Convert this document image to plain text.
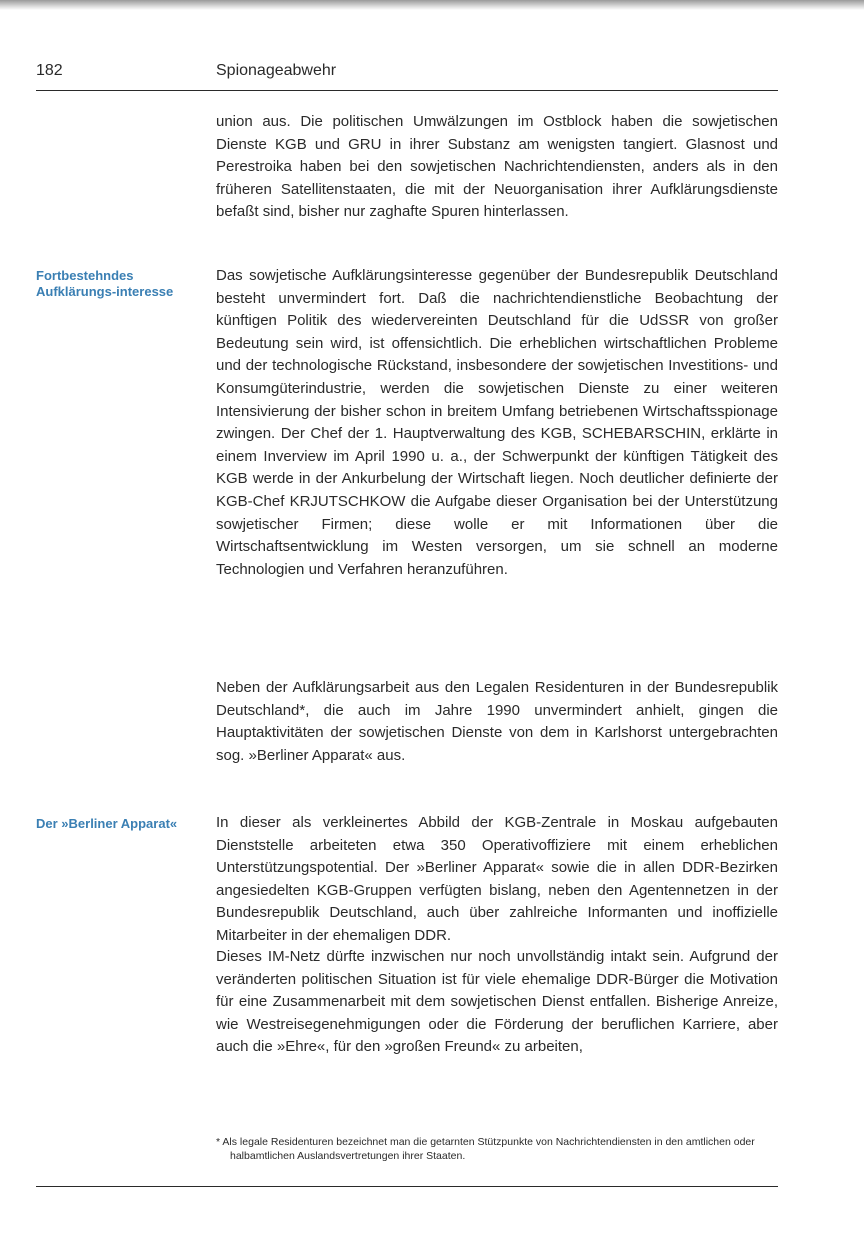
182	Spionageabwehr

union aus. Die politischen Umwälzungen im Ostblock haben die sowjetischen Dienste KGB und GRU in ihrer Substanz am wenigsten tangiert. Glasnost und Perestroika haben bei den sowjetischen Nachrichtendiensten, anders als in den früheren Satellitenstaaten, die mit der Neuorganisation ihrer Aufklärungsdienste befaßt sind, bisher nur zaghafte Spuren hinterlassen.

Fortbestehndes Aufklärungs-interesse

Das sowjetische Aufklärungsinteresse gegenüber der Bundesrepublik Deutschland besteht unvermindert fort. Daß die nachrichtendienstliche Beobachtung der künftigen Politik des wiedervereinten Deutschland für die UdSSR von großer Bedeutung sein wird, ist offensichtlich. Die erheblichen wirtschaftlichen Probleme und der technologische Rückstand, insbesondere der sowjetischen Investitions- und Konsumgüterindustrie, werden die sowjetischen Dienste zu einer weiteren Intensivierung der bisher schon in breitem Umfang betriebenen Wirtschaftsspionage zwingen. Der Chef der 1. Hauptverwaltung des KGB, SCHEBARSCHIN, erklärte in einem Inverview im April 1990 u. a., der Schwerpunkt der künftigen Tätigkeit des KGB werde in der Ankurbelung der Wirtschaft liegen. Noch deutlicher definierte der KGB-Chef KRJUTSCHKOW die Aufgabe dieser Organisation bei der Unterstützung sowjetischer Firmen; diese wolle er mit Informationen über die Wirtschaftsentwicklung im Westen versorgen, um sie schnell an moderne Technologien und Verfahren heranzuführen.

Neben der Aufklärungsarbeit aus den Legalen Residenturen in der Bundesrepublik Deutschland*, die auch im Jahre 1990 unvermindert anhielt, gingen die Hauptaktivitäten der sowjetischen Dienste von dem in Karlshorst untergebrachten sog. »Berliner Apparat« aus.

Der »Berliner Apparat«	In dieser als verkleinertes Abbild der KGB-Zentrale in Moskau aufgebauten Dienststelle arbeiteten etwa 350 Operativoffiziere mit einem erheblichen Unterstützungspotential. Der »Berliner Apparat« sowie die in allen DDR-Bezirken angesiedelten KGB-Gruppen verfügten bislang, neben den Agentennetzen in der Bundesrepublik Deutschland, auch über zahlreiche Informanten und inoffizielle Mitarbeiter in der ehemaligen DDR.

Dieses IM-Netz dürfte inzwischen nur noch unvollständig intakt sein. Aufgrund der veränderten politischen Situation ist für viele ehemalige DDR-Bürger die Motivation für eine Zusammenarbeit mit dem sowjetischen Dienst entfallen. Bisherige Anreize, wie Westreisegenehmigungen oder die Förderung der beruflichen Karriere, aber auch die »Ehre«, für den »großen Freund« zu arbeiten,

* Als legale Residenturen bezeichnet man die getarnten Stützpunkte von Nachrichtendiensten in den amtlichen oder halbamtlichen Auslandsvertretungen ihrer Staaten.
